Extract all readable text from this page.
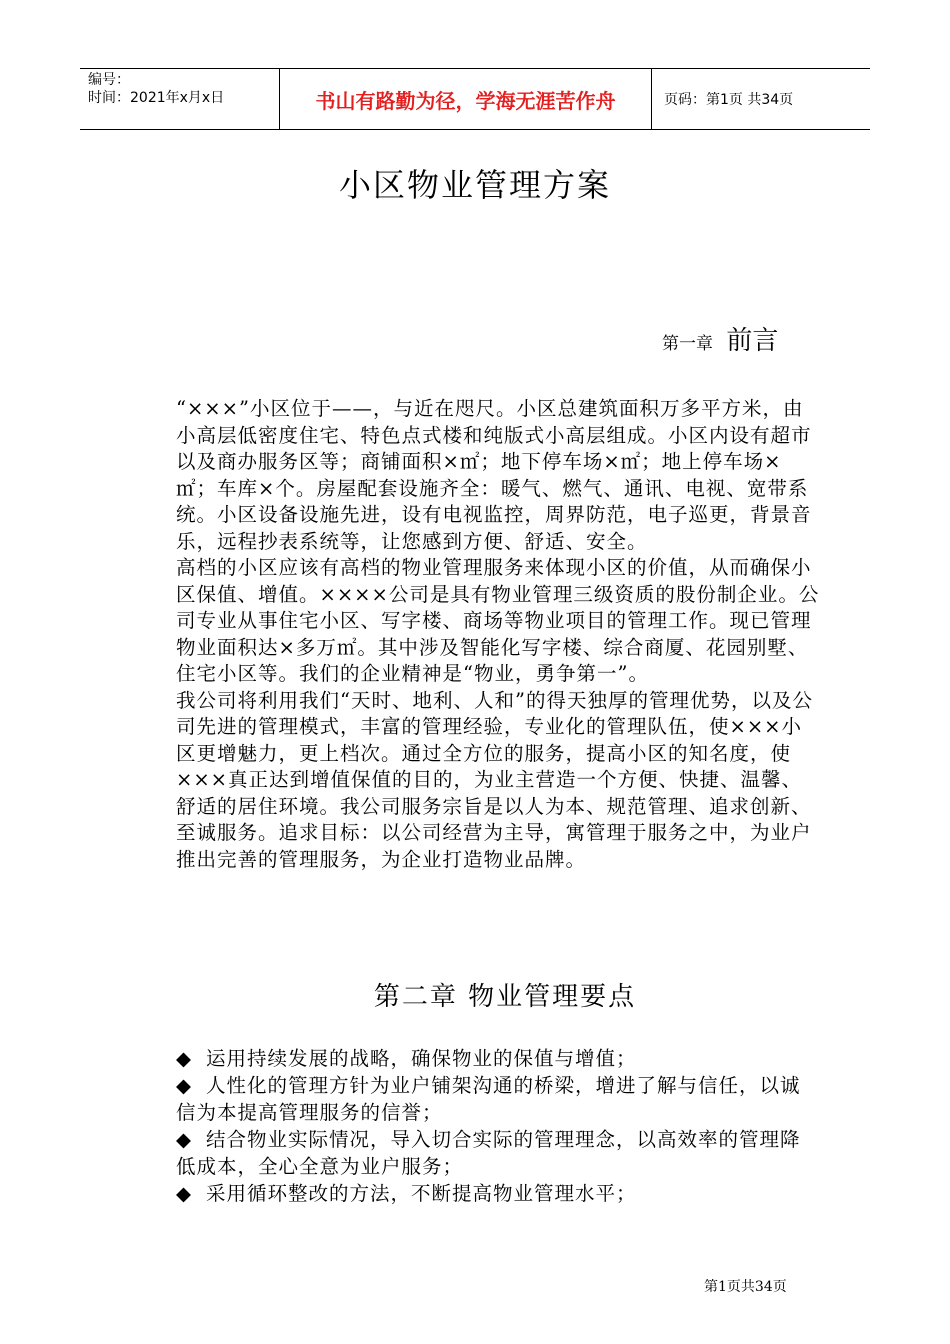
编号：
时间：2021年x月x日	书山有路勤为径，学海无涯苦作舟	页码：第1页 共34页
小区物业管理方案
第一章 前言

“×××”小区位于——，与近在咫尺。小区总建筑面积万多平方米，由小高层低密度住宅、特色点式楼和纯版式小高层组成。小区内设有超市以及商办服务区等；商铺面积×㎡；地下停车场×㎡；地上停车场×㎡；车库×个。房屋配套设施齐全：暖气、燃气、通讯、电视、宽带系统。小区设备设施先进，设有电视监控，周界防范，电子巡更，背景音乐，远程抄表系统等，让您感到方便、舒适、安全。

高档的小区应该有高档的物业管理服务来体现小区的价值，从而确保小区保值、增值。××××公司是具有物业管理三级资质的股份制企业。公司专业从事住宅小区、写字楼、商场等物业项目的管理工作。现已管理物业面积达×多万㎡。其中涉及智能化写字楼、综合商厦、花园别墅、住宅小区等。我们的企业精神是“物业，勇争第一”。

我公司将利用我们“天时、地利、人和”的得天独厚的管理优势，以及公司先进的管理模式，丰富的管理经验，专业化的管理队伍，使×××小区更增魅力，更上档次。通过全方位的服务，提高小区的知名度，使×××真正达到增值保值的目的，为业主营造一个方便、快捷、温馨、舒适的居住环境。我公司服务宗旨是以人为本、规范管理、追求创新、至诚服务。追求目标：以公司经营为主导，寓管理于服务之中，为业户推出完善的管理服务，为企业打造物业品牌。

第二章 物业管理要点

◆ 运用持续发展的战略，确保物业的保值与增值；

◆ 人性化的管理方针为业户铺架沟通的桥梁，增进了解与信任，以诚信为本提高管理服务的信誉；

◆ 结合物业实际情况，导入切合实际的管理理念，以高效率的管理降低成本，全心全意为业户服务；

◆ 采用循环整改的方法，不断提高物业管理水平；

第1页共34页
